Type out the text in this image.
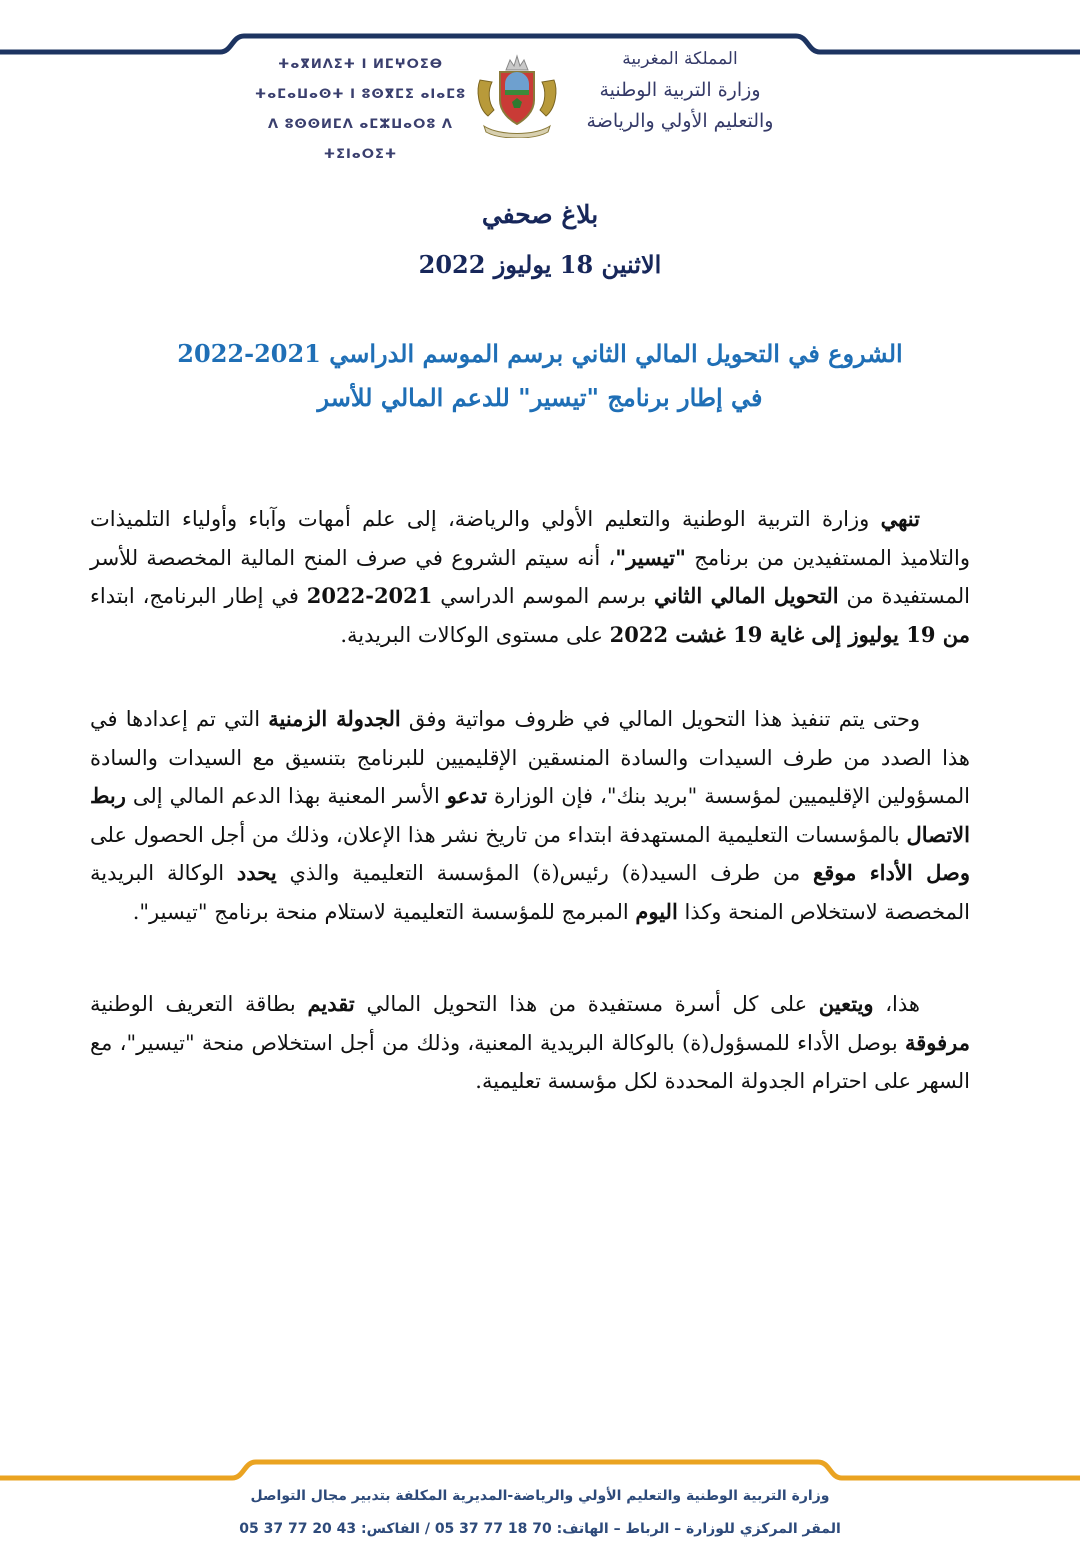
ⵜⴰⴳⵍⴷⵉⵜ ⵏ ⵍⵎⵖⵔⵉⴱ
ⵜⴰⵎⴰⵡⴰⵙⵜ ⵏ ⵓⵙⴳⵎⵉ ⴰⵏⴰⵎⵓ
ⴷ ⵓⵙⵙⵍⵎⴷ ⴰⵎⵣⵡⴰⵔⵓ ⴷ ⵜⵉⵏⴰⵔⵉⵜ
المملكة المغربية
وزارة التربية الوطنية
والتعليم الأولي والرياضة
بلاغ صحفي
الاثنين 18 يوليوز 2022
الشروع في التحويل المالي الثاني برسم الموسم الدراسي 2021-2022
في إطار برنامج "تيسير" للدعم المالي للأسر
تنهي وزارة التربية الوطنية والتعليم الأولي والرياضة، إلى علم أمهات وآباء وأولياء التلميذات والتلاميذ المستفيدين من برنامج "تيسير"، أنه سيتم الشروع في صرف المنح المالية المخصصة للأسر المستفيدة من التحويل المالي الثاني برسم الموسم الدراسي 2021-2022 في إطار البرنامج، ابتداء من 19 يوليوز إلى غاية 19 غشت 2022 على مستوى الوكالات البريدية.
وحتى يتم تنفيذ هذا التحويل المالي في ظروف مواتية وفق الجدولة الزمنية التي تم إعدادها في هذا الصدد من طرف السيدات والسادة المنسقين الإقليميين للبرنامج بتنسيق مع السيدات والسادة المسؤولين الإقليميين لمؤسسة "بريد بنك"، فإن الوزارة تدعو الأسر المعنية بهذا الدعم المالي إلى ربط الاتصال بالمؤسسات التعليمية المستهدفة ابتداء من تاريخ نشر هذا الإعلان، وذلك من أجل الحصول على وصل الأداء موقع من طرف السيد(ة) رئيس(ة) المؤسسة التعليمية والذي يحدد الوكالة البريدية المخصصة لاستخلاص المنحة وكذا اليوم المبرمج للمؤسسة التعليمية لاستلام منحة برنامج "تيسير".
هذا، ويتعين على كل أسرة مستفيدة من هذا التحويل المالي تقديم بطاقة التعريف الوطنية مرفوقة بوصل الأداء للمسؤول(ة) بالوكالة البريدية المعنية، وذلك من أجل استخلاص منحة "تيسير"، مع السهر على احترام الجدولة المحددة لكل مؤسسة تعليمية.
وزارة التربية الوطنية والتعليم الأولي والرياضة-المديرية المكلفة بتدبير مجال التواصل
المقر المركزي للوزارة – الرباط – الهاتف: 70 18 77 37 05 / الفاكس: 43 20 77 37 05
